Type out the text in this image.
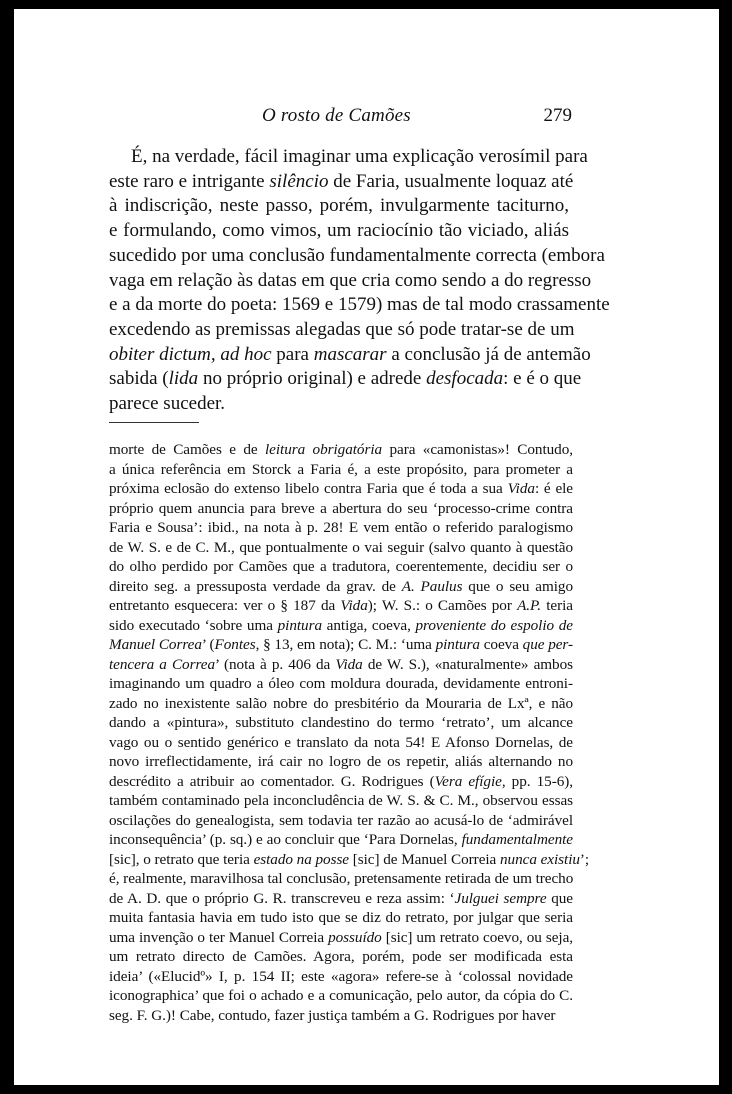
O rosto de Camões	279
É, na verdade, fácil imaginar uma explicação verosímil para
este raro e intrigante silêncio de Faria, usualmente loquaz até
à indiscrição, neste passo, porém, invulgarmente taciturno,
e formulando, como vimos, um raciocínio tão viciado, aliás
sucedido por uma conclusão fundamentalmente correcta (embora
vaga em relação às datas em que cria como sendo a do regresso
e a da morte do poeta: 1569 e 1579) mas de tal modo crassamente
excedendo as premissas alegadas que só pode tratar-se de um
obiter dictum, ad hoc para mascarar a conclusão já de antemão
sabida (lida no próprio original) e adrede desfocada: e é o que
parece suceder.
morte de Camões e de leitura obrigatória para «camonistas»! Contudo,
a única referência em Storck a Faria é, a este propósito, para prometer a
próxima eclosão do extenso libelo contra Faria que é toda a sua Vida: é ele
próprio quem anuncia para breve a abertura do seu ‘processo-crime contra
Faria e Sousa’: ibid., na nota à p. 28! E vem então o referido paralogismo
de W. S. e de C. M., que pontualmente o vai seguir (salvo quanto à questão
do olho perdido por Camões que a tradutora, coerentemente, decidiu ser o
direito seg. a pressuposta verdade da grav. de A. Paulus que o seu amigo
entretanto esquecera: ver o § 187 da Vida); W. S.: o Camões por A.P. teria
sido executado ‘sobre uma pintura antiga, coeva, proveniente do espolio de
Manuel Correa’ (Fontes, § 13, em nota); C. M.: ‘uma pintura coeva que per-
tencera a Correa’ (nota à p. 406 da Vida de W. S.), «naturalmente» ambos
imaginando um quadro a óleo com moldura dourada, devidamente entroni-
zado no inexistente salão nobre do presbitério da Mouraria de Lxª, e não
dando a «pintura», substituto clandestino do termo ‘retrato’, um alcance
vago ou o sentido genérico e translato da nota 54! E Afonso Dornelas, de
novo irreflectidamente, irá cair no logro de os repetir, aliás alternando no
descrédito a atribuir ao comentador. G. Rodrigues (Vera efígie, pp. 15-6),
também contaminado pela inconcludência de W. S. & C. M., observou essas
oscilações do genealogista, sem todavia ter razão ao acusá-lo de ‘admirável
inconsequência’ (p. sq.) e ao concluir que ‘Para Dornelas, fundamentalmente
[sic], o retrato que teria estado na posse [sic] de Manuel Correia nunca existiu’;
é, realmente, maravilhosa tal conclusão, pretensamente retirada de um trecho
de A. D. que o próprio G. R. transcreveu e reza assim: ‘Julguei sempre que
muita fantasia havia em tudo isto que se diz do retrato, por julgar que seria
uma invenção o ter Manuel Correia possuído [sic] um retrato coevo, ou seja,
um retrato directo de Camões. Agora, porém, pode ser modificada esta
ideia’ («Elucidº» I, p. 154 II; este «agora» refere-se à ‘colossal novidade
iconographica’ que foi o achado e a comunicação, pelo autor, da cópia do C.
seg. F. G.)! Cabe, contudo, fazer justiça também a G. Rodrigues por haver
